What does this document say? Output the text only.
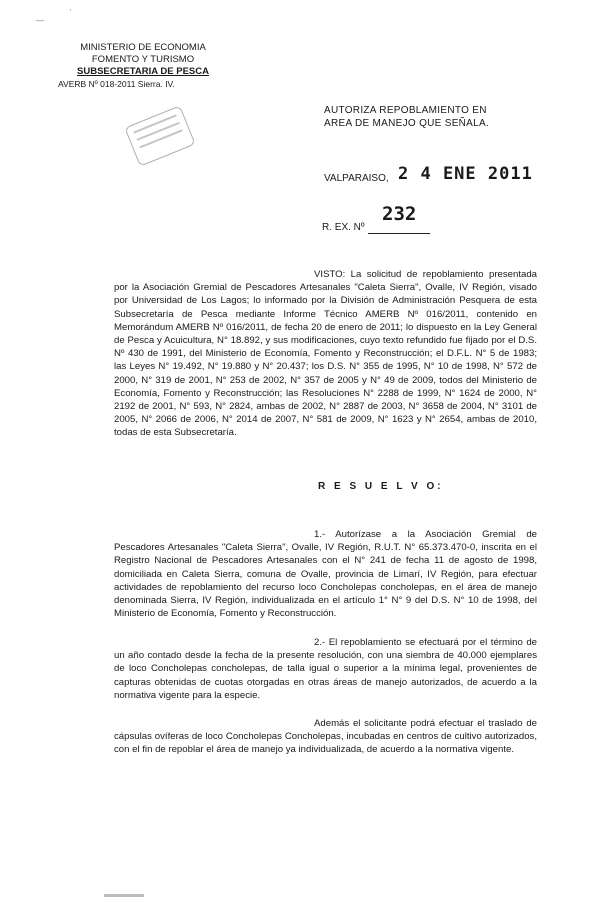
—
'
MINISTERIO DE ECONOMIA
FOMENTO Y TURISMO
SUBSECRETARIA DE PESCA
AVERB Nº 018-2011 Sierra. IV.
AUTORIZA REPOBLAMIENTO EN AREA DE MANEJO QUE SEÑALA.
VALPARAISO, 2 4 ENE 2011
232
R. EX. Nº

VISTO: La solicitud de repoblamiento presentada por la Asociación Gremial de Pescadores Artesanales "Caleta Sierra", Ovalle, IV Región, visado por Universidad de Los Lagos; lo informado por la División de Administración Pesquera de esta Subsecretaría de Pesca mediante Informe Técnico AMERB Nº 016/2011, contenido en Memorándum AMERB Nº 016/2011, de fecha 20 de enero de 2011; lo dispuesto en la Ley General de Pesca y Acuicultura, N° 18.892, y sus modificaciones, cuyo texto refundido fue fijado por el D.S. Nº 430 de 1991, del Ministerio de Economía, Fomento y Reconstrucción; el D.F.L. N° 5 de 1983; las Leyes N° 19.492, N° 19.880 y N° 20.437; los D.S. N° 355 de 1995, N° 10 de 1998, N° 572 de 2000, N° 319 de 2001, N° 253 de 2002, N° 357 de 2005 y N° 49 de 2009, todos del Ministerio de Economía, Fomento y Reconstrucción; las Resoluciones N° 2288 de 1999, N° 1624 de 2000, N° 2192 de 2001, N° 593, N° 2824, ambas de 2002, N° 2887 de 2003, N° 3658 de 2004, N° 3101 de 2005, N° 2066 de 2006, N° 2014 de 2007, N° 581 de 2009, N° 1623 y N° 2654, ambas de 2010, todas de esta Subsecretaría.

R E S U E L V O:

1.- Autorízase a la Asociación Gremial de Pescadores Artesanales "Caleta Sierra", Ovalle, IV Región, R.U.T. N° 65.373.470-0, inscrita en el Registro Nacional de Pescadores Artesanales con el N° 241 de fecha 11 de agosto de 1998, domiciliada en Caleta Sierra, comuna de Ovalle, provincia de Limarí, IV Región, para efectuar actividades de repoblamiento del recurso loco Concholepas concholepas, en el área de manejo denominada Sierra, IV Región, individualizada en el artículo 1° N° 9 del D.S. N° 10 de 1998, del Ministerio de Economía, Fomento y Reconstrucción.

2.- El repoblamiento se efectuará por el término de un año contado desde la fecha de la presente resolución, con una siembra de 40.000 ejemplares de loco Concholepas concholepas, de talla igual o superior a la mínima legal, provenientes de capturas obtenidas de cuotas otorgadas en otras áreas de manejo autorizados, de acuerdo a la normativa vigente para la especie.

Además el solicitante podrá efectuar el traslado de cápsulas ovíferas de loco Concholepas Concholepas, incubadas en centros de cultivo autorizados, con el fin de repoblar el área de manejo ya individualizada, de acuerdo a la normativa vigente.
